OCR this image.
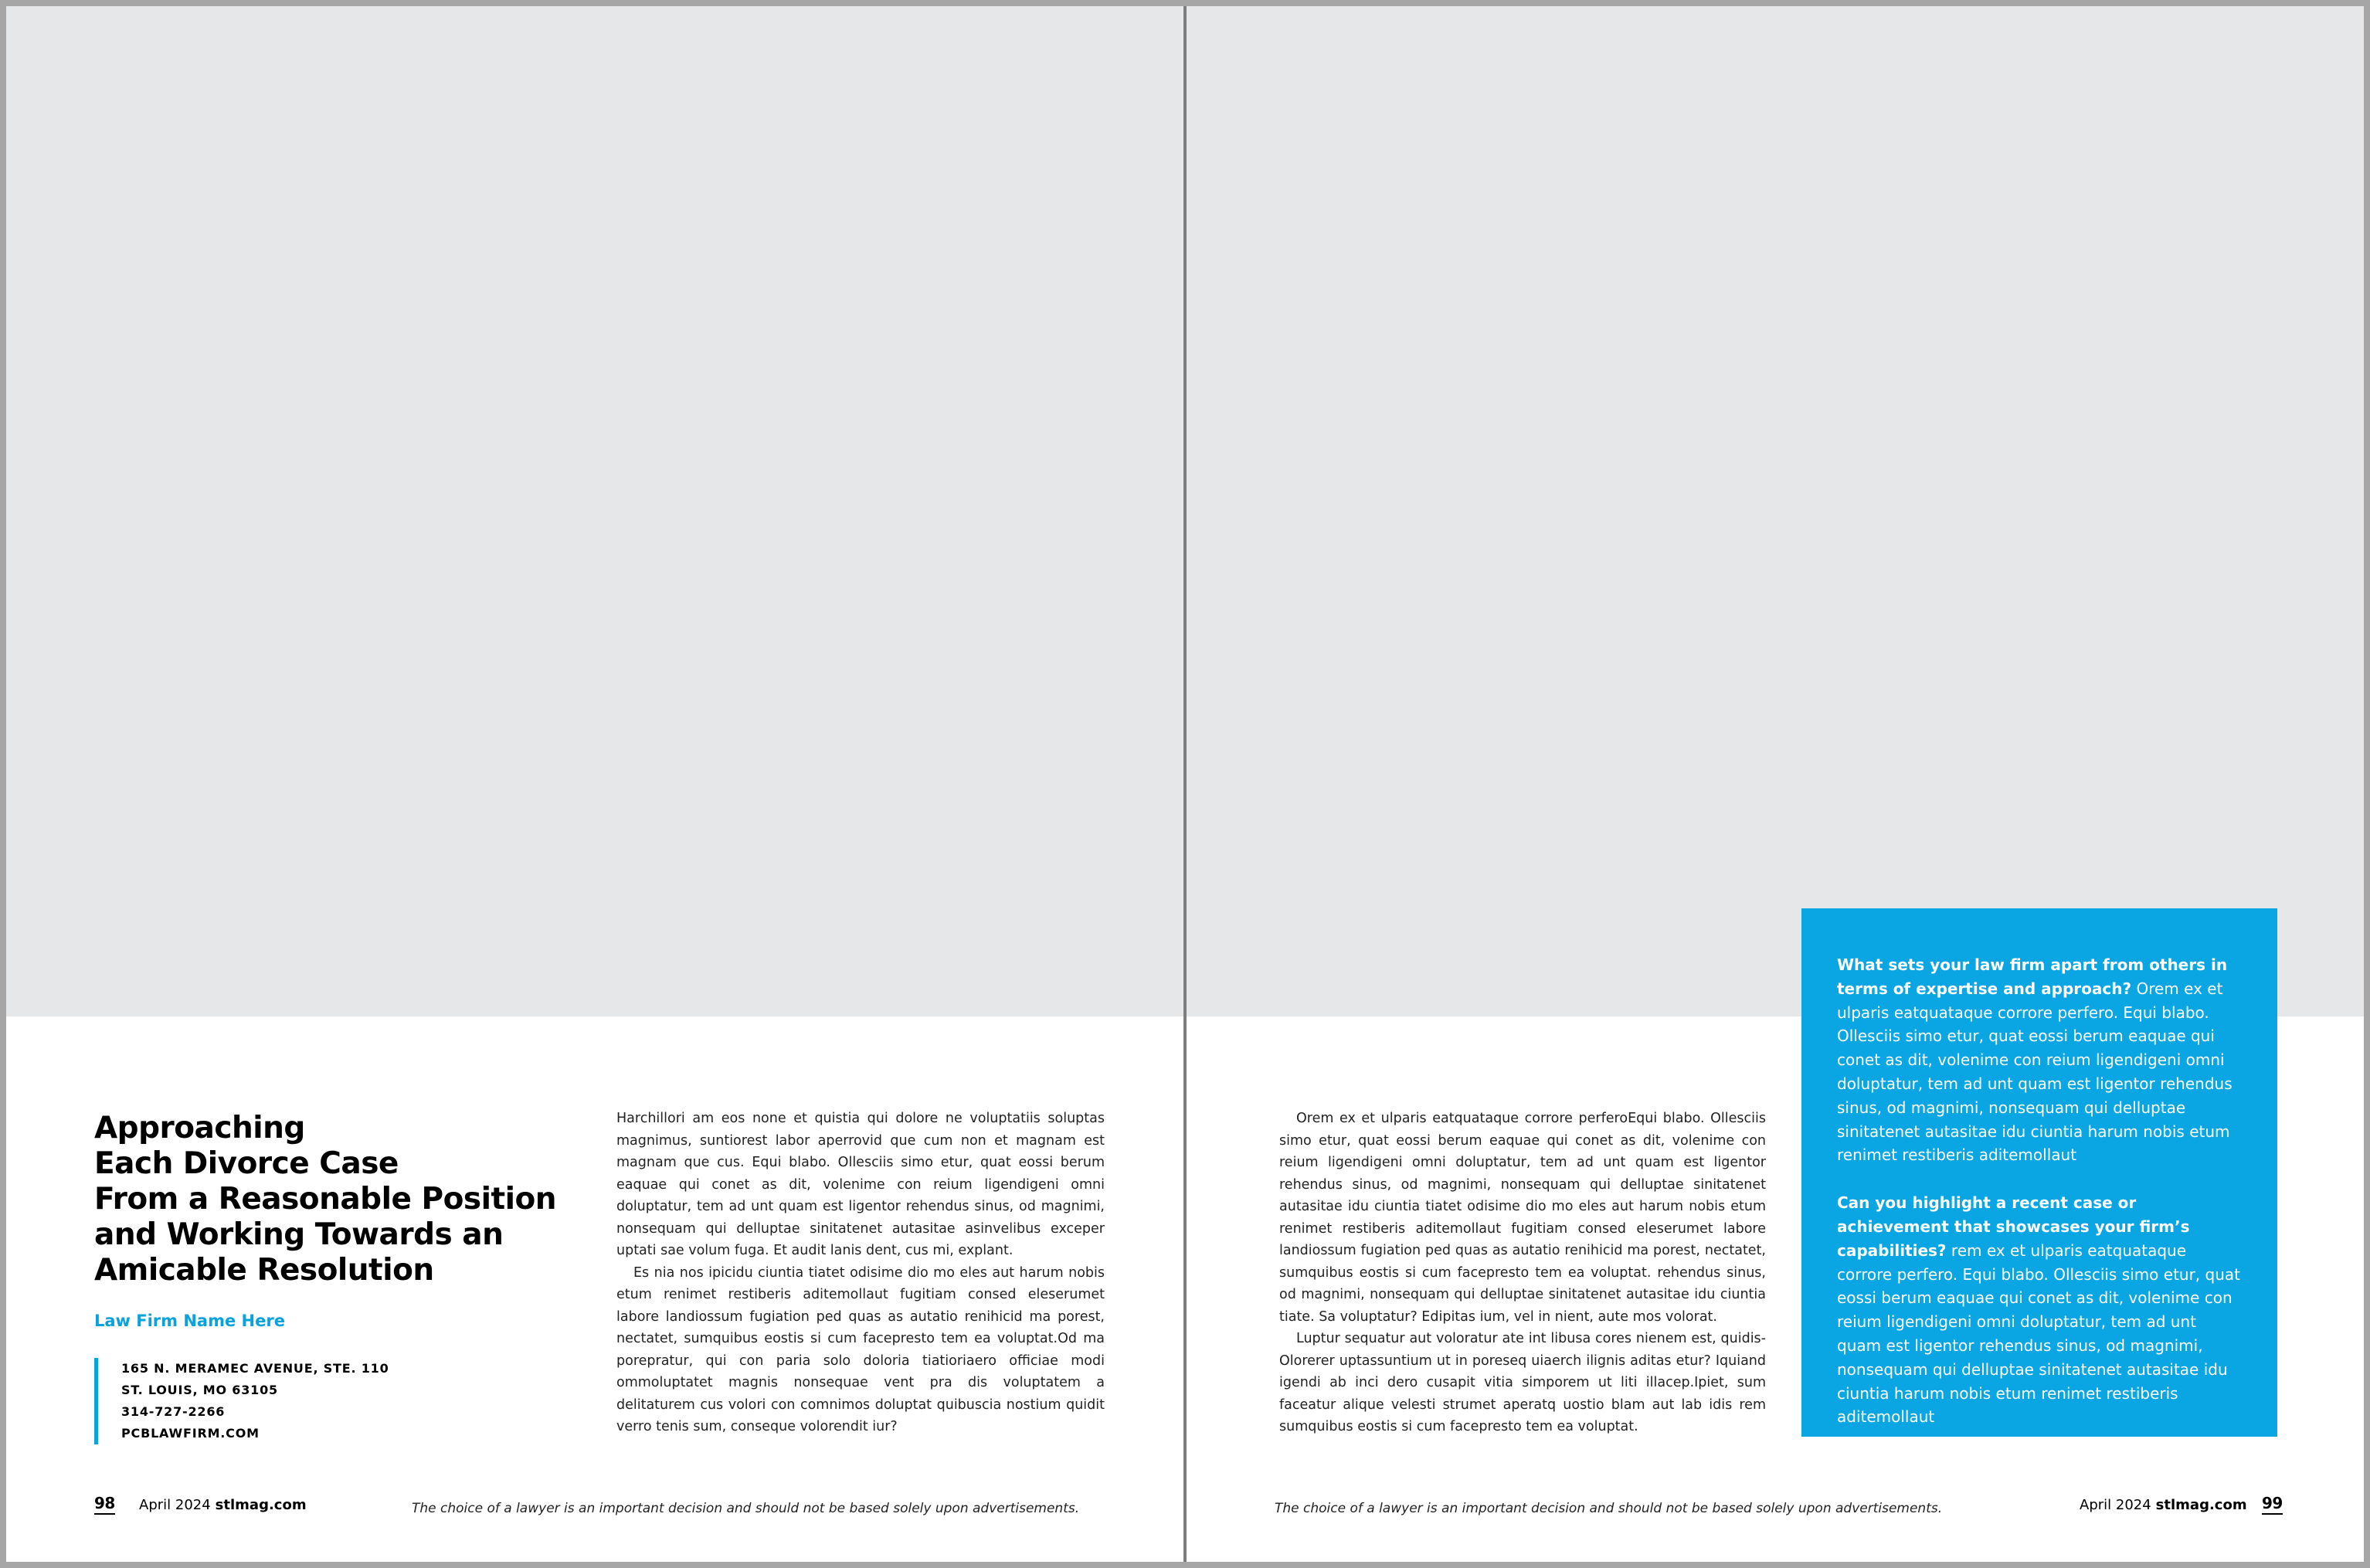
Approaching
Each Divorce Case
From a Reasonable Position
and Working Towards an
Amicable Resolution
Law Firm Name Here
165 N. MERAMEC AVENUE, STE. 110
ST. LOUIS, MO 63105
314-727-2266
PCBLAWFIRM.COM

Harchillori am eos none et quistia qui dolore ne voluptatiis soluptas magnimus, suntiorest labor aperrovid que cum non et magnam est magnam que cus. Equi blabo. Ollesciis simo etur, quat eossi berum eaquae qui conet as dit, volenime con reium ligendigeni omni doluptatur, tem ad unt quam est ligentor rehendus sinus, od magnimi, nonsequam qui delluptae sinitatenet autasitae asinvelibus exceper uptati sae volum fuga. Et audit lanis dent, cus mi, explant.

Es nia nos ipicidu ciuntia tiatet odisime dio mo eles aut harum nobis etum renimet restiberis aditemollaut fugitiam consed eleserumet labore landiossum fugiation ped quas as autatio renihicid ma porest, nectatet, sumquibus eostis si cum facepresto tem ea voluptat.Od ma porepratur, qui con paria solo doloria tiatioriaero officiae modi ommoluptatet magnis nonsequae vent pra dis voluptatem a delitaturem cus volori con comnimos doluptat quibuscia nostium quidit verro tenis sum, conseque volorendit iur?

98 April 2024 stlmag.com	The choice of a lawyer is an important decision and should not be based solely upon advertisements.

Orem ex et ulparis eatquataque corrore perferoEqui blabo. Ollesciis simo etur, quat eossi berum eaquae qui conet as dit, volenime con reium ligendigeni omni doluptatur, tem ad unt quam est ligentor rehendus sinus, od magnimi, nonsequam qui delluptae sinitatenet autasitae idu ciuntia tiatet odisime dio mo eles aut harum nobis etum renimet restiberis aditemollaut fugitiam consed eleserumet labore landiossum fugiation ped quas as autatio renihicid ma porest, nectatet, sumquibus eostis si cum facepresto tem ea voluptat. rehendus sinus, od magnimi, nonsequam qui delluptae sinitatenet autasitae idu ciuntia tiate. Sa voluptatur? Edipitas ium, vel in nient, aute mos volorat.

Luptur sequatur aut voloratur ate int libusa cores nienem est, quidis-Olorerer uptassuntium ut in poreseq uiaerch ilignis aditas etur? Iquiand igendi ab inci dero cusapit vitia simporem ut liti illacep.Ipiet, sum faceatur alique velesti strumet aperatq uostio blam aut lab idis rem sumquibus eostis si cum facepresto tem ea voluptat.

What sets your law firm apart from others in terms of expertise and approach? Orem ex et ulparis eatquataque corrore perfero. Equi blabo. Ollesciis simo etur, quat eossi berum eaquae qui conet as dit, volenime con reium ligendigeni omni doluptatur, tem ad unt quam est ligentor rehendus sinus, od magnimi, nonsequam qui delluptae sinitatenet autasitae idu ciuntia harum nobis etum renimet restiberis aditemollaut

Can you highlight a recent case or achievement that showcases your firm’s capabilities? rem ex et ulparis eatquataque corrore perfero. Equi blabo. Ollesciis simo etur, quat eossi berum eaquae qui conet as dit, volenime con reium ligendigeni omni doluptatur, tem ad unt quam est ligentor rehendus sinus, od magnimi, nonsequam qui delluptae sinitatenet autasitae idu ciuntia harum nobis etum renimet restiberis aditemollaut

The choice of a lawyer is an important decision and should not be based solely upon advertisements.	April 2024 stlmag.com 99
